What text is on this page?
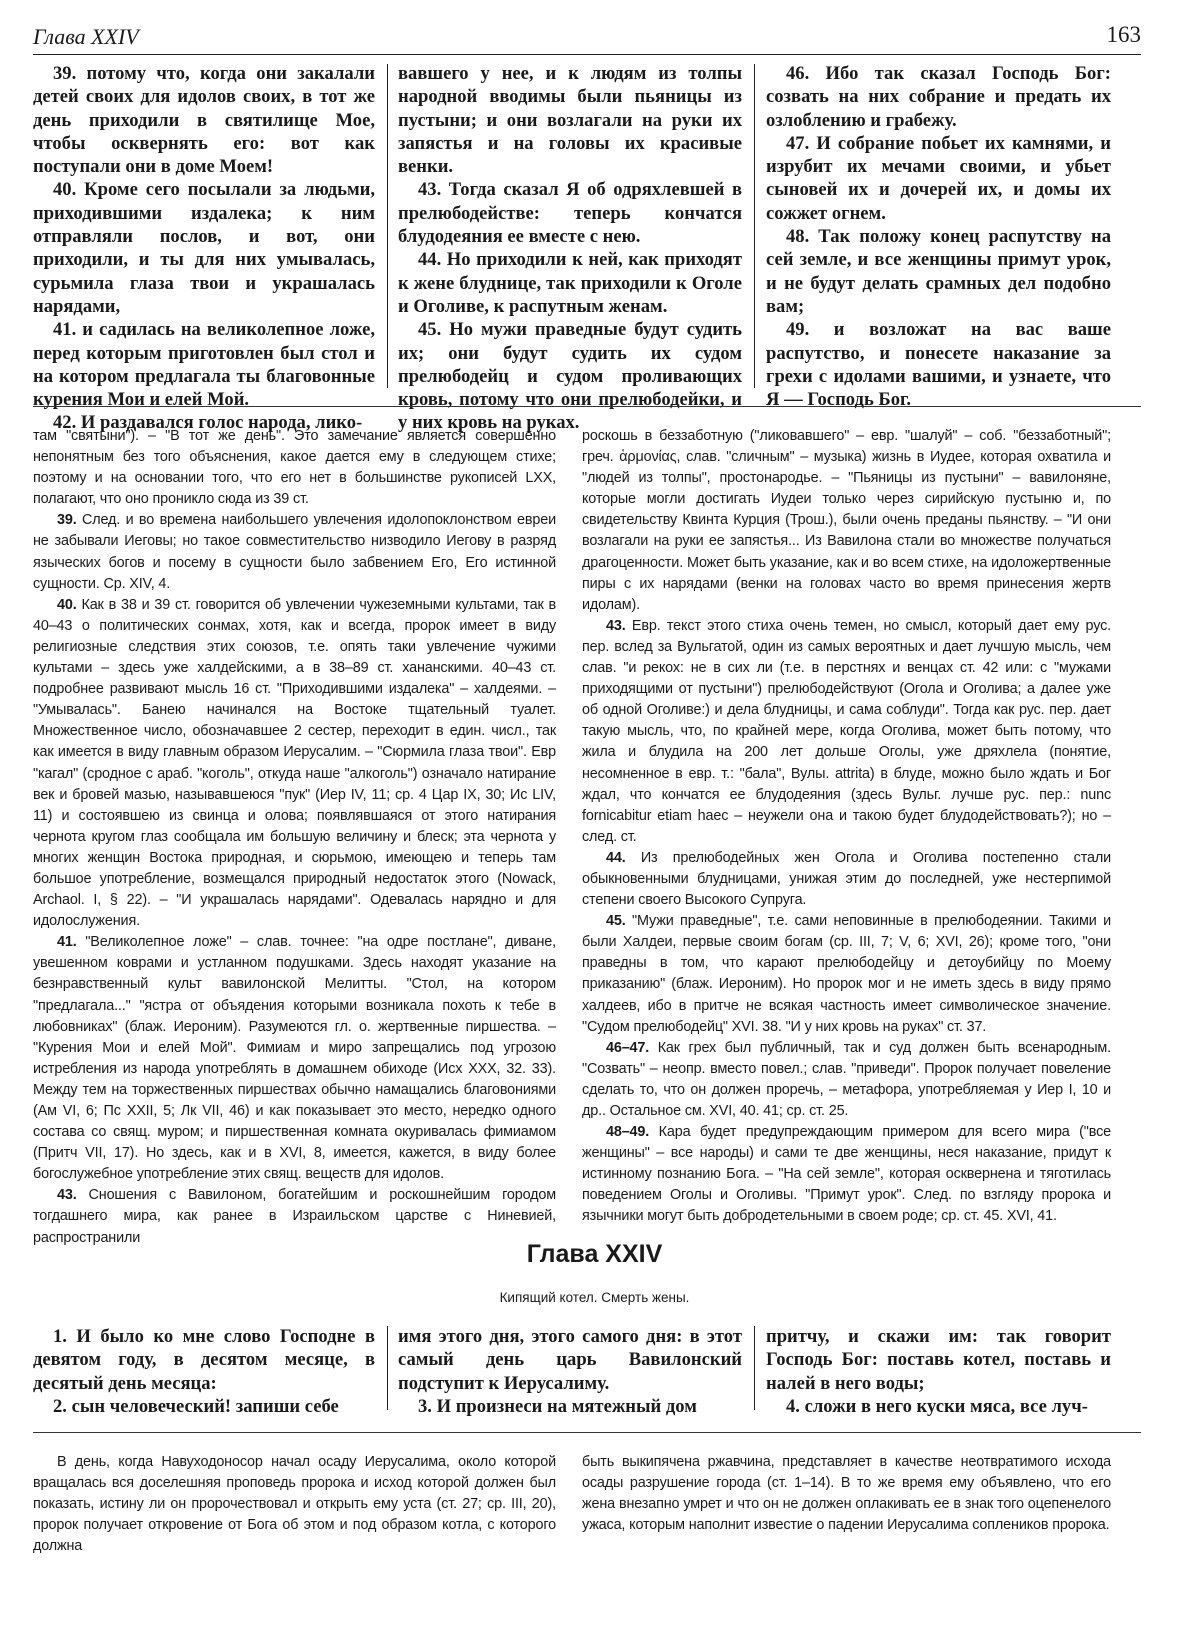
Глава XXIV	163

39. потому что, когда они закалали детей своих для идолов своих, в тот же день приходили в святилище Мое, чтобы осквернять его: вот как поступали они в доме Моем!

40. Кроме сего посылали за людьми, приходившими издалека; к ним отправляли послов, и вот, они приходили, и ты для них умывалась, сурьмила глаза твои и украшалась нарядами,

41. и садилась на великолепное ложе, перед которым приготовлен был стол и на котором предлагала ты благовонные курения Мои и елей Мой.

42. И раздавался голос народа, лико-

вавшего у нее, и к людям из толпы народной вводимы были пьяницы из пустыни; и они возлагали на руки их запястья и на головы их красивые венки.

43. Тогда сказал Я об одряхлевшей в прелюбодействе: теперь кончатся блудодеяния ее вместе с нею.

44. Но приходили к ней, как приходят к жене блуднице, так приходили к Оголе и Оголиве, к распутным женам.

45. Но мужи праведные будут судить их; они будут судить их судом прелюбодейц и судом проливающих кровь, потому что они прелюбодейки, и у них кровь на руках.

46. Ибо так сказал Господь Бог: созвать на них собрание и предать их озлоблению и грабежу.

47. И собрание побьет их камнями, и изрубит их мечами своими, и убьет сыновей их и дочерей их, и домы их сожжет огнем.

48. Так положу конец распутству на сей земле, и все женщины примут урок, и не будут делать срамных дел подобно вам;

49. и возложат на вас ваше распутство, и понесете наказание за грехи с идолами вашими, и узнаете, что Я — Господь Бог.

там "святыни"). – "В тот же день". Это замечание является совершенно непонятным без того объяснения, какое дается ему в следующем стихе; поэтому и на основании того, что его нет в большинстве рукописей LXX, полагают, что оно проникло сюда из 39 ст.

39. След. и во времена наибольшего увлечения идолопоклонством евреи не забывали Иеговы; но такое совместительство низводило Иегову в разряд языческих богов и посему в сущности было забвением Его, Его истинной сущности. Ср. XIV, 4.

40. Как в 38 и 39 ст. говорится об увлечении чужеземными культами, так в 40–43 о политических сонмах, хотя, как и всегда, пророк имеет в виду религиозные следствия этих союзов, т.е. опять таки увлечение чужими культами – здесь уже халдейскими, а в 38–89 ст. хананскими. 40–43 ст. подробнее развивают мысль 16 ст. "Приходившими издалека" – халдеями. – "Умывалась". Банею начинался на Востоке тщательный туалет. Множественное число, обозначавшее 2 сестер, переходит в един. числ., так как имеется в виду главным образом Иерусалим. – "Сюрмила глаза твои". Евр "кагал" (сродное с араб. "когoль", откуда наше "алкоголь") означало натирание век и бровей мазью, называвшеюся "пук" (Иер IV, 11; ср. 4 Цар IX, 30; Ис LIV, 11) и состоявшею из свинца и олова; появлявшаяся от этого натирания чернота кругом глаз сообщала им большую величину и блеск; эта чернота у многих женщин Востока природная, и сюрьмою, имеющею и теперь там большое употребление, возмещался природный недостаток этого (Nowack, Archaol. I, § 22). – "И украшалась нарядами". Одевалась нарядно и для идолослужения.

41. "Великолепное ложе" – слав. точнее: "на одре постлане", диване, увешенном коврами и устланном подушками. Здесь находят указание на безнравственный культ вавилонской Мелитты. "Стол, на котором "предлагала..." "ястра от объядения которыми возникала похоть к тебе в любовниках" (блаж. Иероним). Разумеются гл. о. жертвенные пиршества. – "Курения Мои и елей Мой". Фимиам и миро запрещались под угрозою истребления из народа употреблять в домашнем обиходе (Исх XXX, 32. 33). Между тем на торжественных пиршествах обычно намащались благовониями (Ам VI, 6; Пс XXII, 5; Лк VII, 46) и как показывает это место, нередко одного состава со свящ. муром; и пиршественная комната окуривалась фимиамом (Притч VII, 17). Но здесь, как и в XVI, 8, имеется, кажется, в виду более богослужебное употребление этих свящ. веществ для идолов.

43. Сношения с Вавилоном, богатейшим и роскошнейшим городом тогдашнего мира, как ранее в Израильском царстве с Ниневией, распространили

роскошь в беззаботную ("ликовавшего" – евр. "шалуй" – соб. "беззаботный"; греч. ἁρμονίας, слав. "сличным" – музыка) жизнь в Иудее, которая охватила и "людей из толпы", простонародье. – "Пьяницы из пустыни" – вавилоняне, которые могли достигать Иудеи только через сирийскую пустыню и, по свидетельству Квинта Курция (Трош.), были очень преданы пьянству. – "И они возлагали на руки ее запястья... Из Вавилона стали во множестве получаться драгоценности. Может быть указание, как и во всем стихе, на идоложертвенные пиры с их нарядами (венки на головах часто во время принесения жертв идолам).

43. Евр. текст этого стиха очень темен, но смысл, который дает ему рус. пер. вслед за Вульгатой, один из самых вероятных и дает лучшую мысль, чем слав. "и рекох: не в сих ли (т.е. в перстнях и венцах ст. 42 или: с "мужами приходящими от пустыни") прелюбодействуют (Огола и Оголива; а далее уже об одной Оголиве:) и дела блудницы, и сама соблуди". Тогда как рус. пер. дает такую мысль, что, по крайней мере, когда Оголива, может быть потому, что жила и блудила на 200 лет дольше Оголы, уже дряхлела (понятие, несомненное в евр. т.: "бала", Вулы. attrita) в блуде, можно было ждать и Бог ждал, что кончатся ее блудодеяния (здесь Вульг. лучше рус. пер.: nunc fornicabitur etiam haec – неужели она и такою будет блудодействовать?); но – след. ст.

44. Из прелюбодейных жен Огола и Оголива постепенно стали обыкновенными блудницами, унижая этим до последней, уже нестерпимой степени своего Высокого Супруга.

45. "Мужи праведные", т.е. сами неповинные в прелюбодеянии. Такими и были Халдеи, первые своим богам (ср. III, 7; V, 6; XVI, 26); кроме того, "они праведны в том, что карают прелюбодейцу и детоубийцу по Моему приказанию" (блаж. Иероним). Но пророк мог и не иметь здесь в виду прямо халдеев, ибо в притче не всякая частность имеет символическое значение. "Судом прелюбодейц" XVI. 38. "И у них кровь на руках" ст. 37.

46–47. Как грех был публичный, так и суд должен быть всенародным. "Созвать" – неопр. вместо повел.; слав. "приведи". Пророк получает повеление сделать то, что он должен проречь, – метафора, употребляемая у Иер I, 10 и др.. Остальное см. XVI, 40. 41; ср. ст. 25.

48–49. Кара будет предупреждающим примером для всего мира ("все женщины" – все народы) и сами те две женщины, неся наказание, придут к истинному познанию Бога. – "На сей земле", которая осквернена и тяготилась поведением Оголы и Оголивы. "Примут урок". След. по взгляду пророка и язычники могут быть добродетельными в своем роде; ср. ст. 45. XVI, 41.

Глава XXIV
Кипящий котел. Смерть жены.

1. И было ко мне слово Господне в девятом году, в десятом месяце, в десятый день месяца:

2. сын человеческий! запиши себе

имя этого дня, этого самого дня: в этот самый день царь Вавилонский подступит к Иерусалиму.

3. И произнеси на мятежный дом

притчу, и скажи им: так говорит Господь Бог: поставь котел, поставь и налей в него воды;

4. сложи в него куски мяса, все луч-

В день, когда Навуходоносор начал осаду Иерусалима, около которой вращалась вся доселешняя проповедь пророка и исход которой должен был показать, истину ли он пророчествовал и открыть ему уста (ст. 27; ср. III, 20), пророк получает откровение от Бога об этом и под образом котла, с которого должна

быть выкипячена ржавчина, представляет в качестве неотвратимого исхода осады разрушение города (ст. 1–14). В то же время ему объявлено, что его жена внезапно умрет и что он не должен оплакивать ее в знак того оцепенелого ужаса, которым наполнит известие о падении Иерусалима соплеников пророка.
